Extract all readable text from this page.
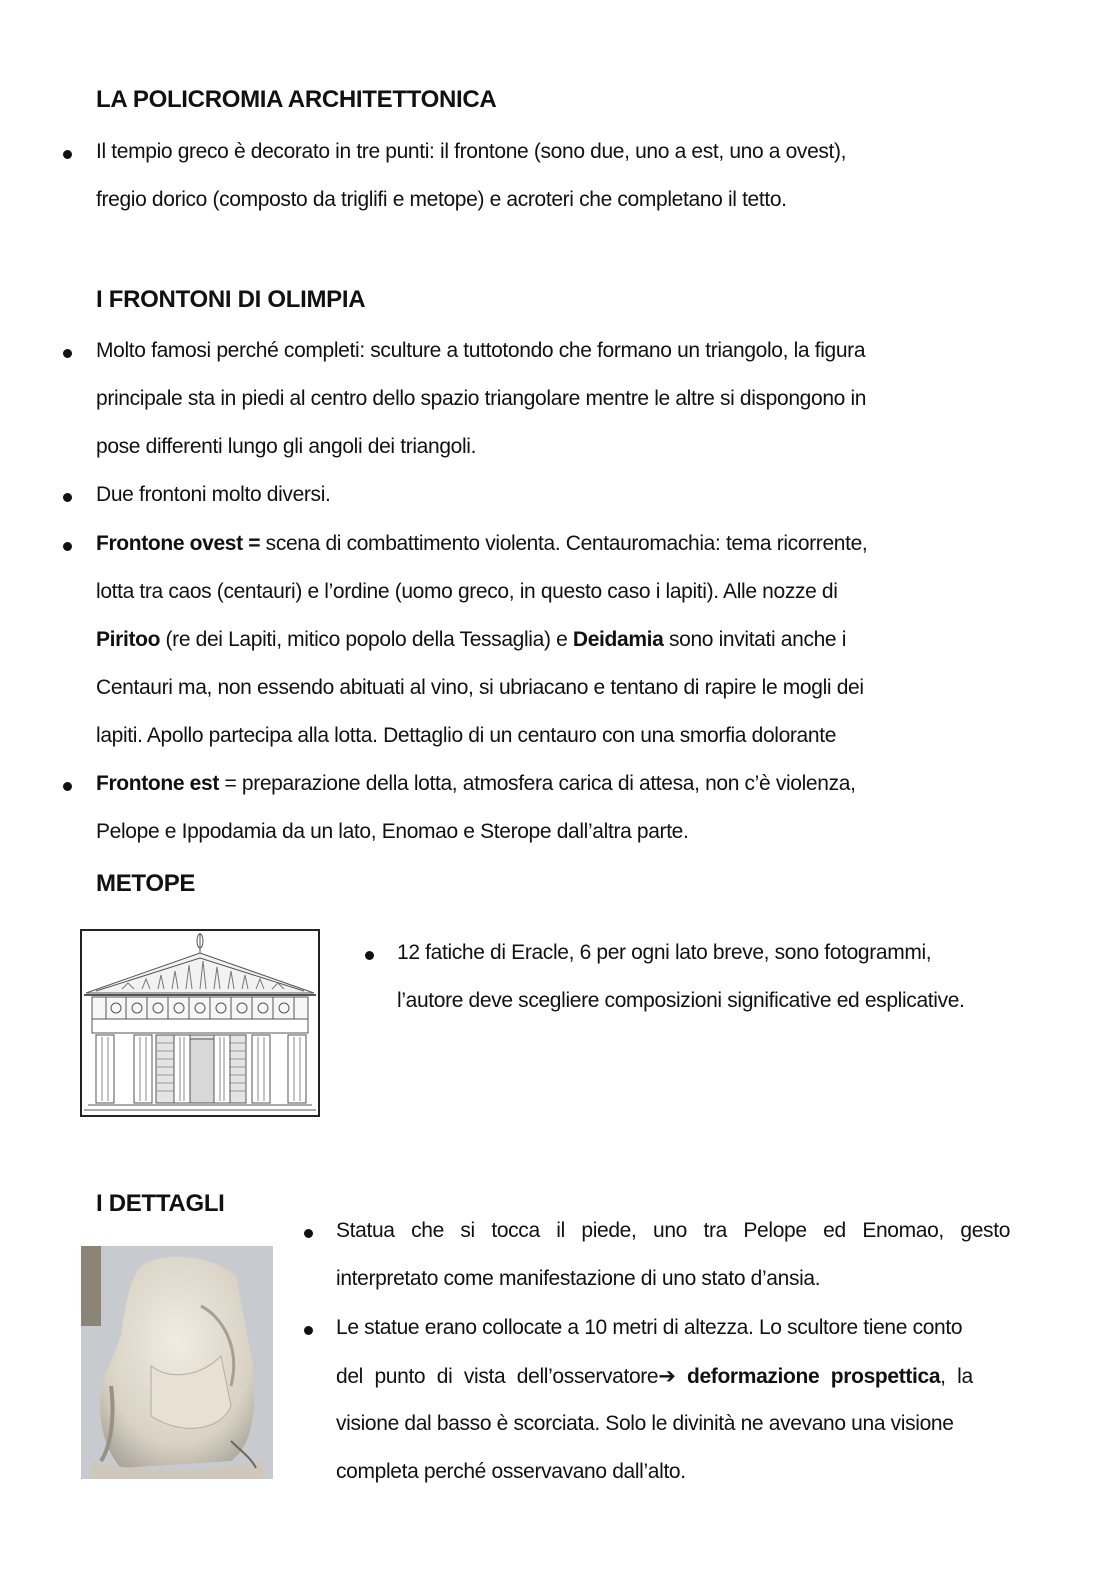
LA POLICROMIA ARCHITETTONICA
Il tempio greco è decorato in tre punti: il frontone (sono due, uno a est, uno a ovest),
fregio dorico (composto da triglifi e metope) e acroteri che completano il tetto.
I FRONTONI DI OLIMPIA
Molto famosi perché completi: sculture a tuttotondo che formano un triangolo, la figura
principale sta in piedi al centro dello spazio triangolare mentre le altre si dispongono in
pose differenti lungo gli angoli dei triangoli.
Due frontoni molto diversi.
Frontone ovest = scena di combattimento violenta. Centauromachia: tema ricorrente,
lotta tra caos (centauri) e l’ordine (uomo greco, in questo caso i lapiti). Alle nozze di
Piritoo (re dei Lapiti, mitico popolo della Tessaglia) e Deidamia sono invitati anche i
Centauri ma, non essendo abituati al vino, si ubriacano e tentano di rapire le mogli dei
lapiti. Apollo partecipa alla lotta. Dettaglio di un centauro con una smorfia dolorante
Frontone est = preparazione della lotta, atmosfera carica di attesa, non c’è violenza,
Pelope e Ippodamia da un lato, Enomao e Sterope dall’altra parte.
METOPE
12 fatiche di Eracle, 6 per ogni lato breve, sono fotogrammi,
l’autore deve scegliere composizioni significative ed esplicative.
I DETTAGLI
Statua che si tocca il piede, uno tra Pelope ed Enomao, gesto
interpretato come manifestazione di uno stato d’ansia.
Le statue erano collocate a 10 metri di altezza. Lo scultore tiene conto
del punto di vista dell’osservatore➔ deformazione prospettica, la
visione dal basso è scorciata. Solo le divinità ne avevano una visione
completa perché osservavano dall’alto.
